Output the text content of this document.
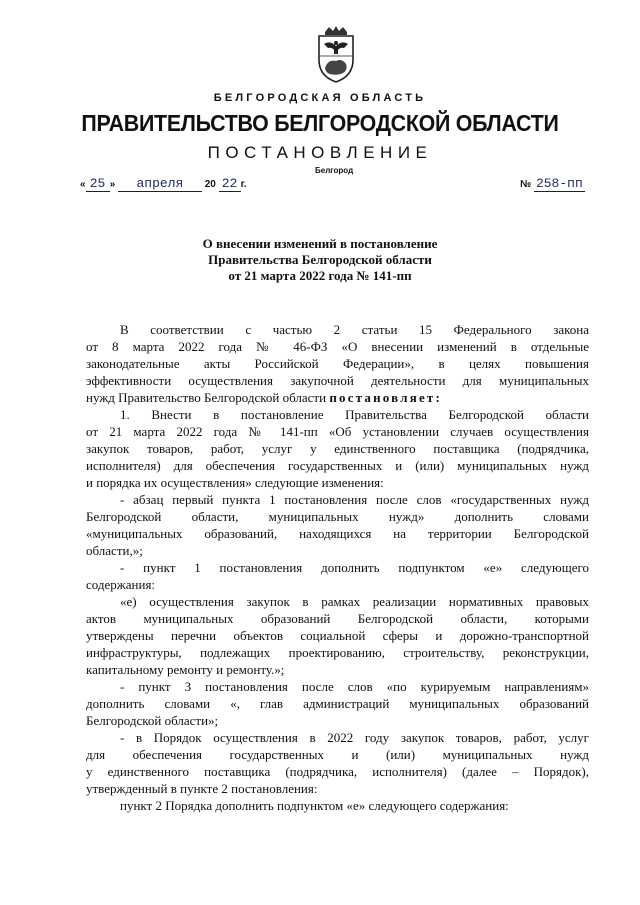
БЕЛГОРОДСКАЯ ОБЛАСТЬ
ПРАВИТЕЛЬСТВО БЕЛГОРОДСКОЙ ОБЛАСТИ
ПОСТАНОВЛЕНИЕ
Белгород
« 25 » апреля 20 22 г.	№ 258-пп
О внесении изменений в постановление
Правительства Белгородской области
от 21 марта 2022 года № 141-пп

В соответствии с частью 2 статьи 15 Федерального закона

от 8 марта 2022 года № 46-ФЗ «О внесении изменений в отдельные

законодательные акты Российской Федерации», в целях повышения

эффективности осуществления закупочной деятельности для муниципальных

нужд Правительство Белгородской области постановляет:

1. Внести в постановление Правительства Белгородской области

от 21 марта 2022 года № 141-пп «Об установлении случаев осуществления

закупок товаров, работ, услуг у единственного поставщика (подрядчика,

исполнителя) для обеспечения государственных и (или) муниципальных нужд

и порядка их осуществления» следующие изменения:

- абзац первый пункта 1 постановления после слов «государственных нужд

Белгородской области, муниципальных нужд» дополнить словами

«муниципальных образований, находящихся на территории Белгородской

области,»;

- пункт 1 постановления дополнить подпунктом «е» следующего

содержания:

«е) осуществления закупок в рамках реализации нормативных правовых

актов муниципальных образований Белгородской области, которыми

утверждены перечни объектов социальной сферы и дорожно-транспортной

инфраструктуры, подлежащих проектированию, строительству, реконструкции,

капитальному ремонту и ремонту.»;

- пункт 3 постановления после слов «по курируемым направлениям»

дополнить словами «, глав администраций муниципальных образований

Белгородской области»;

- в Порядок осуществления в 2022 году закупок товаров, работ, услуг

для обеспечения государственных и (или) муниципальных нужд

у единственного поставщика (подрядчика, исполнителя) (далее – Порядок),

утвержденный в пункте 2 постановления:

пункт 2 Порядка дополнить подпунктом «е» следующего содержания:
